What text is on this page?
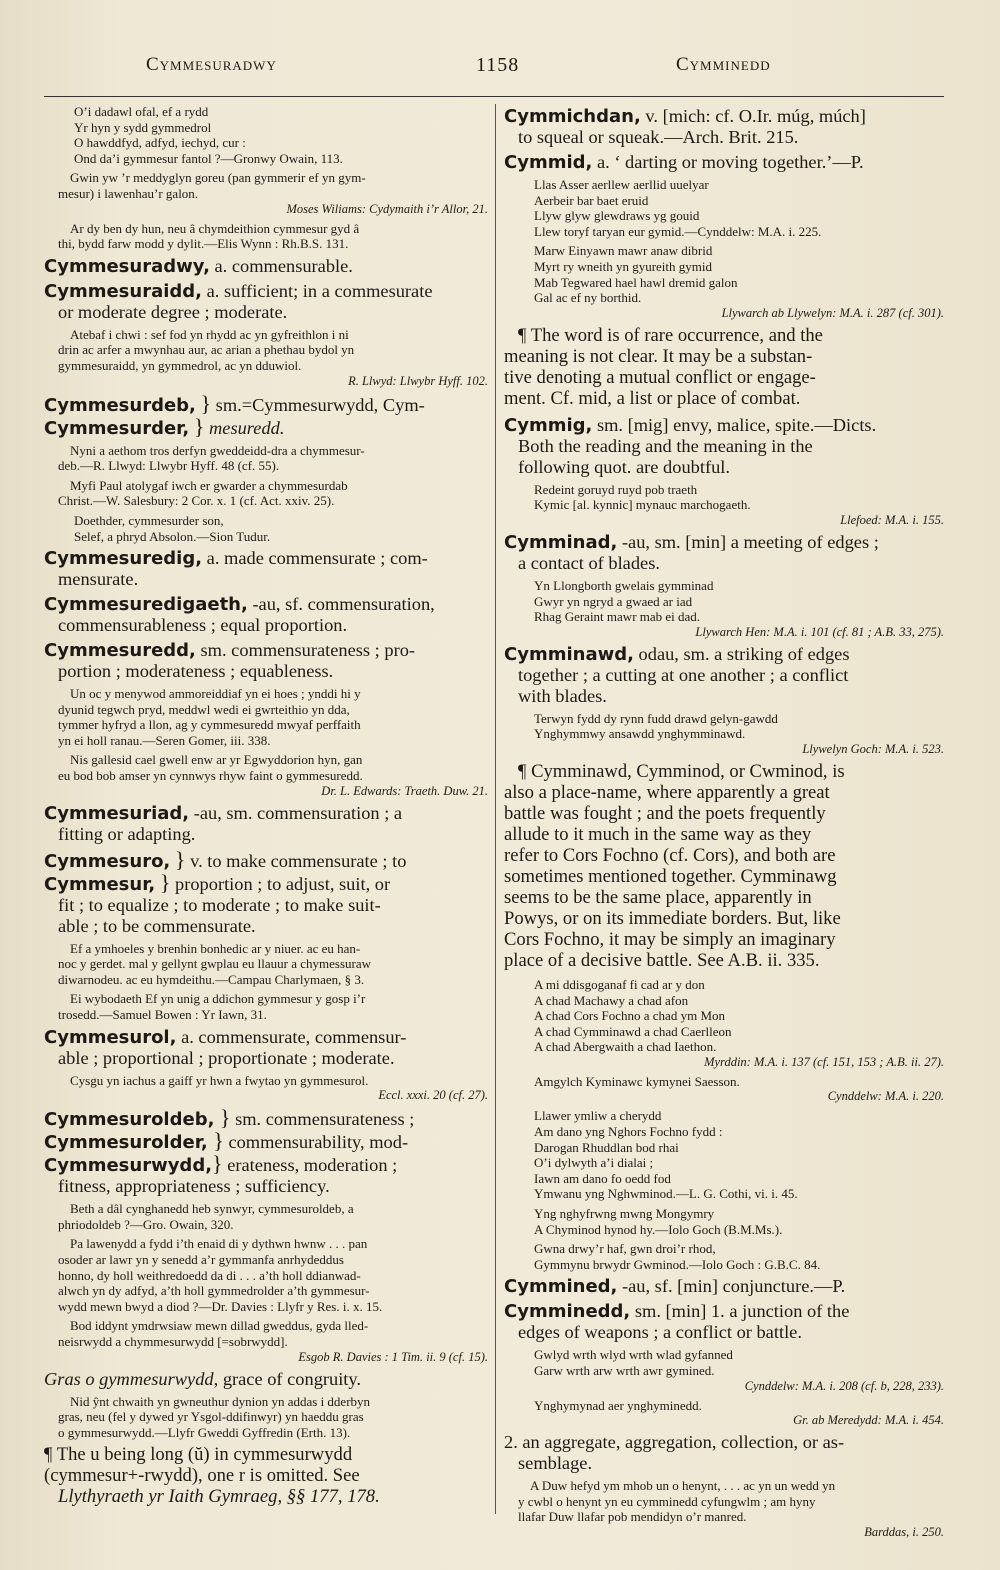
Cymmesuradwy	1158	Cymminedd
O’i dadawl ofal, ef a rydd
Yr hyn y sydd gymmedrol
O hawddfyd, adfyd, iechyd, cur :
Ond da’i gymmesur fantol ?—Gronwy Owain, 113.
Gwin yw ’r meddyglyn goreu (pan gymmerir ef yn gym-
mesur) i lawenhau’r galon.
Moses Wiliams: Cydymaith i’r Allor, 21.
Ar dy ben dy hun, neu â chymdeithion cymmesur gyd â
thi, bydd farw modd y dylit.—Elis Wynn : Rh.B.S. 131.
Cymmesuradwy, a. commensurable.
Cymmesuraidd, a. sufficient; in a commesurate
or moderate degree ; moderate.
Atebaf i chwi : sef fod yn rhydd ac yn gyfreithlon i ni
drin ac arfer a mwynhau aur, ac arian a phethau bydol yn
gymmesuraidd, yn gymmedrol, ac yn dduwiol.
R. Llwyd: Llwybr Hyff. 102.
Cymmesurdeb, } sm.=Cymmesurwydd, Cym-
Cymmesurder, } mesuredd.
Nyni a aethom tros derfyn gweddeidd-dra a chymmesur-
deb.—R. Llwyd: Llwybr Hyff. 48 (cf. 55).
Myfi Paul atolygaf iwch er gwarder a chymmesurdab
Christ.—W. Salesbury: 2 Cor. x. 1 (cf. Act. xxiv. 25).
Doethder, cymmesurder son,
Selef, a phryd Absolon.—Sion Tudur.
Cymmesuredig, a. made commensurate ; com-
mensurate.
Cymmesuredigaeth, -au, sf. commensuration,
commensurableness ; equal proportion.
Cymmesuredd, sm. commensurateness ; pro-
portion ; moderateness ; equableness.
Un oc y menywod ammoreiddiaf yn ei hoes ; ynddi hi y
dyunid tegwch pryd, meddwl wedi ei gwrteithio yn dda,
tymmer hyfryd a llon, ag y cymmesuredd mwyaf perffaith
yn ei holl ranau.—Seren Gomer, iii. 338.
Nis gallesid cael gwell enw ar yr Egwyddorion hyn, gan
eu bod bob amser yn cynnwys rhyw faint o gymmesuredd.
Dr. L. Edwards: Traeth. Duw. 21.
Cymmesuriad, -au, sm. commensuration ; a
fitting or adapting.
Cymmesuro, } v. to make commensurate ; to
Cymmesur, } proportion ; to adjust, suit, or
fit ; to equalize ; to moderate ; to make suit-
able ; to be commensurate.
Ef a ymhoeles y brenhin bonhedic ar y niuer. ac eu han-
noc y gerdet. mal y gellynt gwplau eu llauur a chymessuraw
diwarnodeu. ac eu hymdeithu.—Campau Charlymaen, § 3.
Ei wybodaeth Ef yn unig a ddichon gymmesur y gosp i’r
trosedd.—Samuel Bowen : Yr Iawn, 31.
Cymmesurol, a. commensurate, commensur-
able ; proportional ; proportionate ; moderate.
Cysgu yn iachus a gaiff yr hwn a fwytao yn gymmesurol.
Eccl. xxxi. 20 (cf. 27).
Cymmesuroldeb, } sm. commensurateness ;
Cymmesurolder, } commensurability, mod-
Cymmesurwydd,} erateness, moderation ;
fitness, appropriateness ; sufficiency.
Beth a dâl cynghanedd heb synwyr, cymmesuroldeb, a
phriodoldeb ?—Gro. Owain, 320.
Pa lawenydd a fydd i’th enaid di y dythwn hwnw . . . pan
osoder ar lawr yn y senedd a’r gymmanfa anrhydeddus
honno, dy holl weithredoedd da di . . . a’th holl ddianwad-
alwch yn dy adfyd, a’th holl gymmedrolder a’th gymmesur-
wydd mewn bwyd a diod ?—Dr. Davies : Llyfr y Res. i. x. 15.
Bod iddynt ymdrwsiaw mewn dillad gweddus, gyda lled-
neisrwydd a chymmesurwydd [=sobrwydd].
Esgob R. Davies : 1 Tim. ii. 9 (cf. 15).
Gras o gymmesurwydd, grace of congruity.
Nid ŷnt chwaith yn gwneuthur dynion yn addas i dderbyn
gras, neu (fel y dywed yr Ysgol-ddifinwyr) yn haeddu gras
o gymmesurwydd.—Llyfr Gweddi Gyffredin (Erth. 13).
¶ The u being long (ŭ) in cymmesurwydd
(cymmesur+-rwydd), one r is omitted. See
Llythyraeth yr Iaith Gymraeg, §§ 177, 178.
Cymmichdan, v. [mich: cf. O.Ir. múg, múch]
to squeal or squeak.—Arch. Brit. 215.
Cymmid, a. ‘ darting or moving together.’—P.
Llas Asser aerllew aerllid uuelyar
Aerbeir bar baet eruid
Llyw glyw glewdraws yg gouid
Llew toryf taryan eur gymid.—Cynddelw: M.A. i. 225.
Marw Einyawn mawr anaw dibrid
Myrt ry wneith yn gyureith gymid
Mab Tegwared hael hawl dremid galon
Gal ac ef ny borthid.
Llywarch ab Llywelyn: M.A. i. 287 (cf. 301).
¶ The word is of rare occurrence, and the
meaning is not clear. It may be a substan-
tive denoting a mutual conflict or engage-
ment. Cf. mid, a list or place of combat.
Cymmig, sm. [mig] envy, malice, spite.—Dicts.
Both the reading and the meaning in the
following quot. are doubtful.
Redeint goruyd ruyd pob traeth
Kymic [al. kynnic] mynauc marchogaeth.
Llefoed: M.A. i. 155.
Cymminad, -au, sm. [min] a meeting of edges ;
a contact of blades.
Yn Llongborth gwelais gymminad
Gwyr yn ngryd a gwaed ar iad
Rhag Geraint mawr mab ei dad.
Llywarch Hen: M.A. i. 101 (cf. 81 ; A.B. 33, 275).
Cymminawd, odau, sm. a striking of edges
together ; a cutting at one another ; a conflict
with blades.
Terwyn fydd dy rynn fudd drawd gelyn-gawdd
Ynghymmwy ansawdd ynghymminawd.
Llywelyn Goch: M.A. i. 523.
¶ Cymminawd, Cymminod, or Cwminod, is
also a place-name, where apparently a great
battle was fought ; and the poets frequently
allude to it much in the same way as they
refer to Cors Fochno (cf. Cors), and both are
sometimes mentioned together. Cymminawg
seems to be the same place, apparently in
Powys, or on its immediate borders. But, like
Cors Fochno, it may be simply an imaginary
place of a decisive battle. See A.B. ii. 335.
A mi ddisgoganaf fi cad ar y don
A chad Machawy a chad afon
A chad Cors Fochno a chad ym Mon
A chad Cymminawd a chad Caerlleon
A chad Abergwaith a chad Iaethon.
Myrddin: M.A. i. 137 (cf. 151, 153 ; A.B. ii. 27).
Amgylch Kyminawc kymynei Saesson.
Cynddelw: M.A. i. 220.
Llawer ymliw a cherydd
Am dano yng Nghors Fochno fydd :
Darogan Rhuddlan bod rhai
O’i dylwyth a’i dialai ;
Iawn am dano fo oedd fod
Ymwanu yng Nghwminod.—L. G. Cothi, vi. i. 45.
Yng nghyfrwng mwng Mongymry
A Chyminod hynod hy.—Iolo Goch (B.M.Ms.).
Gwna drwy’r haf, gwn droi’r rhod,
Gymmynu brwydr Gwminod.—Iolo Goch : G.B.C. 84.
Cymmined, -au, sf. [min] conjuncture.—P.
Cymminedd, sm. [min] 1. a junction of the
edges of weapons ; a conflict or battle.
Gwlyd wrth wlyd wrth wlad gyfanned
Garw wrth arw wrth awr gymined.
Cynddelw: M.A. i. 208 (cf. b, 228, 233).
Ynghymynad aer ynghyminedd.
Gr. ab Meredydd: M.A. i. 454.
2. an aggregate, aggregation, collection, or as-
semblage.
A Duw hefyd ym mhob un o henynt, . . . ac yn un wedd yn
y cwbl o henynt yn eu cymminedd cyfungwlm ; am hyny
llafar Duw llafar pob mendidyn o’r manred.
Barddas, i. 250.
